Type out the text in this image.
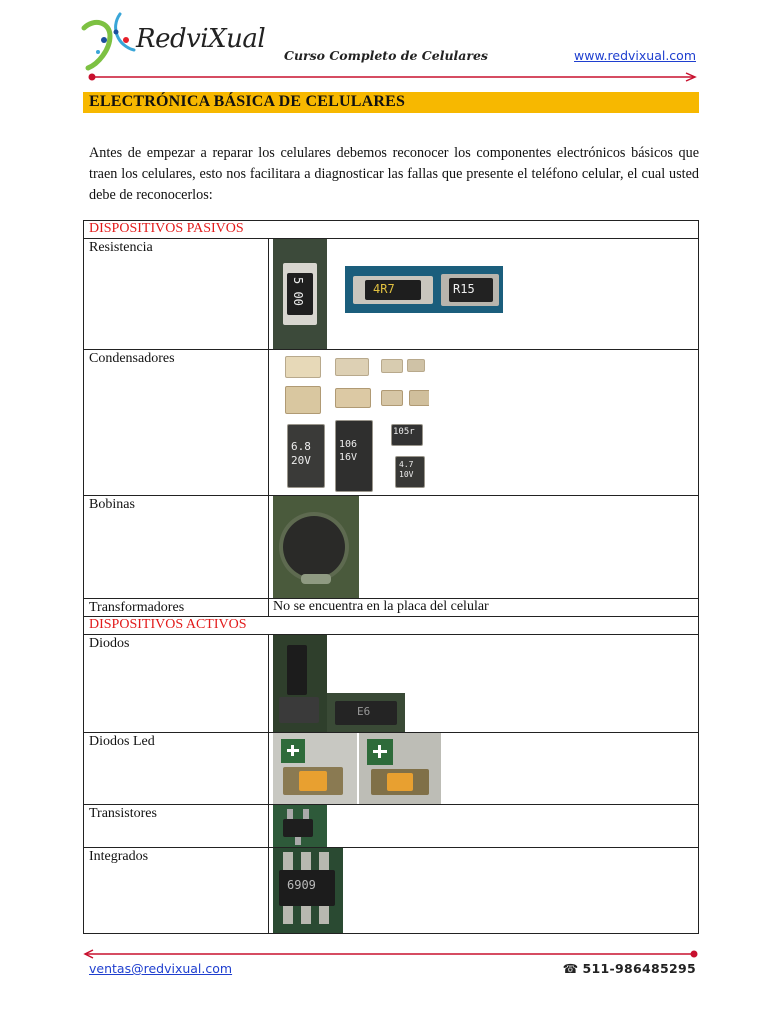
RedviXual
Curso Completo de Celulares	www.redvixual.com
ELECTRÓNICA BÁSICA DE CELULARES

Antes de empezar a reparar los celulares debemos reconocer los componentes electrónicos básicos que traen los celulares, esto nos facilitara a diagnosticar las fallas que presente el teléfono celular, el cual usted debe de reconocerlos:

DISPOSITIVOS PASIVOS	
Resistencia	5 00 4R7 R15

Condensadores	6.8 20V
106 16V
105r
4.7 10V

Bobinas	

Transformadores	No se encuentra en la placa del celular
DISPOSITIVOS ACTIVOS	
Diodos	E6

Diodos Led	

Transistores	

Integrados	6909
ventas@redvixual.com	☎ 511-986485295
